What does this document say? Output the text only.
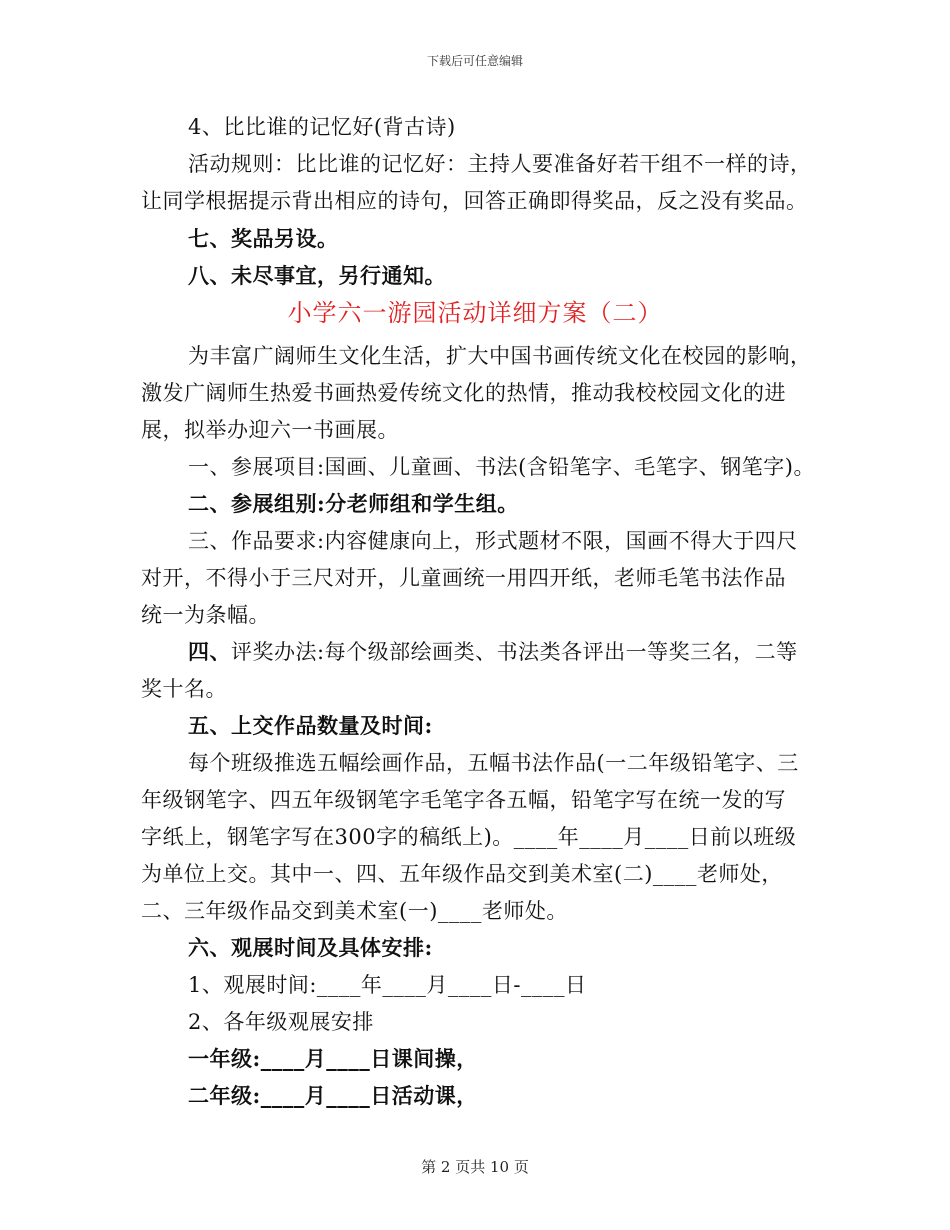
下载后可任意编辑
4、比比谁的记忆好(背古诗)
活动规则：比比谁的记忆好：主持人要准备好若干组不一样的诗，
让同学根据提示背出相应的诗句，回答正确即得奖品，反之没有奖品。
七、奖品另设。
八、未尽事宜，另行通知。
小学六一游园活动详细方案（二）
为丰富广阔师生文化生活，扩大中国书画传统文化在校园的影响，
激发广阔师生热爱书画热爱传统文化的热情，推动我校校园文化的进
展，拟举办迎六一书画展。
一、参展项目:国画、儿童画、书法(含铅笔字、毛笔字、钢笔字)。
二、参展组别:分老师组和学生组。
三、作品要求:内容健康向上，形式题材不限，国画不得大于四尺
对开，不得小于三尺对开，儿童画统一用四开纸，老师毛笔书法作品
统一为条幅。
四、评奖办法:每个级部绘画类、书法类各评出一等奖三名，二等
奖十名。
五、上交作品数量及时间:
每个班级推选五幅绘画作品，五幅书法作品(一二年级铅笔字、三
年级钢笔字、四五年级钢笔字毛笔字各五幅，铅笔字写在统一发的写
字纸上，钢笔字写在300字的稿纸上)。____年____月____日前以班级
为单位上交。其中一、四、五年级作品交到美术室(二)____老师处，
二、三年级作品交到美术室(一)____老师处。
六、观展时间及具体安排:
1、观展时间:____年____月____日-____日
2、各年级观展安排
一年级:____月____日课间操，
二年级:____月____日活动课，
第 2 页共 10 页
